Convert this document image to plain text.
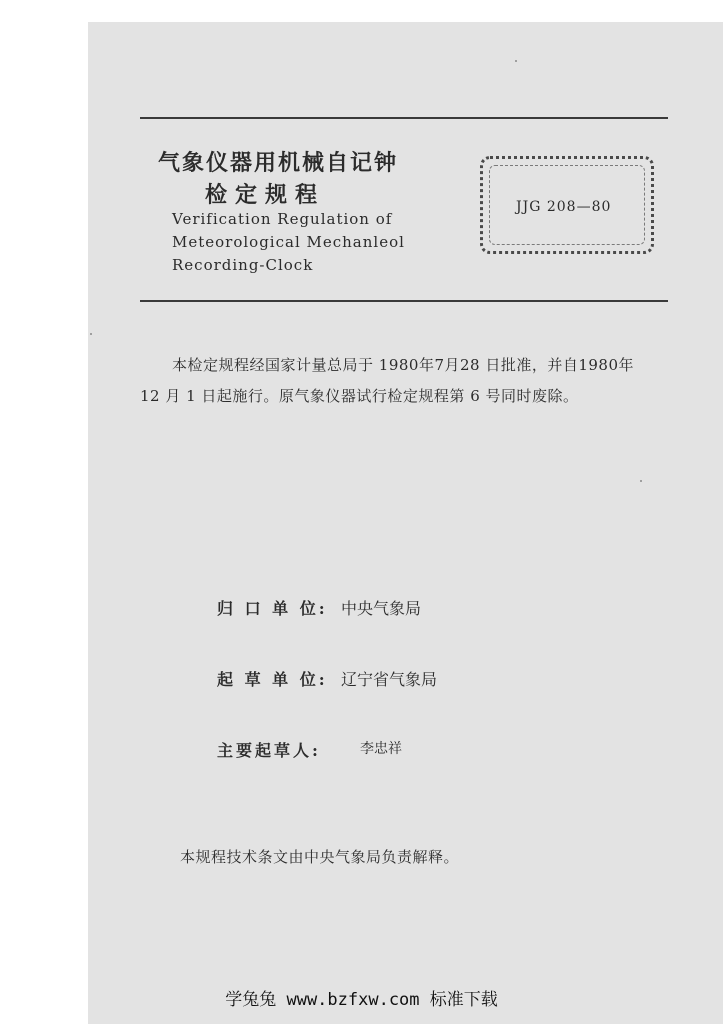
气象仪器用机械自记钟
检定规程
Verification Regulation of
Meteorological Mechanleol
Recording-Clock
JJG 208—80
本检定规程经国家计量总局于 1980年7月28 日批准，并自1980年
12 月 1 日起施行。原气象仪器试行检定规程第 6 号同时废除。
归 口 单 位: 中央气象局
起 草 单 位: 辽宁省气象局
主要起草人:	李忠祥
本规程技术条文由中央气象局负责解释。
学兔兔 www.bzfxw.com 标准下载
